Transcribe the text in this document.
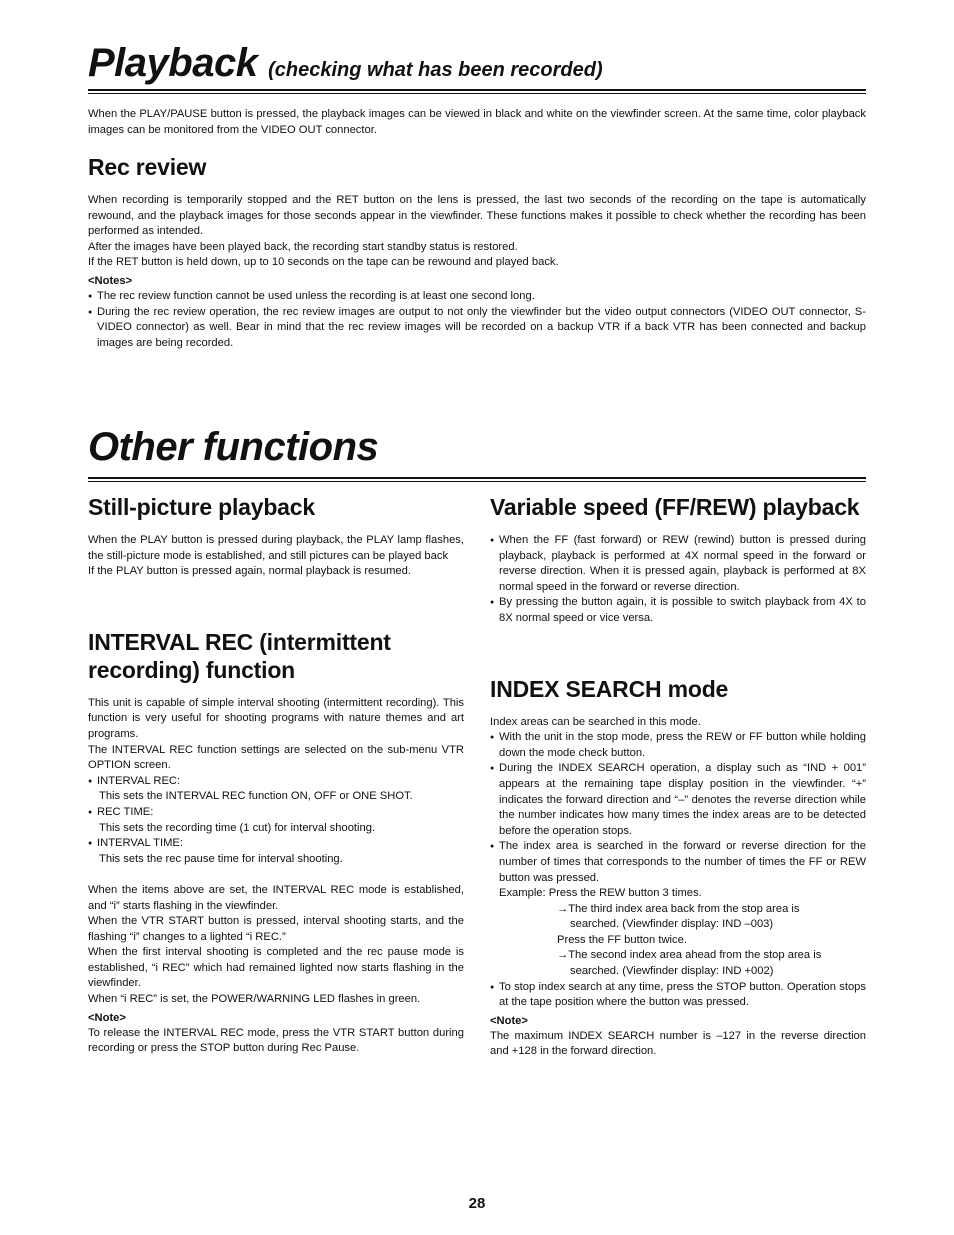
Playback (checking what has been recorded)

When the PLAY/PAUSE button is pressed, the playback images can be viewed in black and white on the viewfinder screen. At the same time, color playback images can be monitored from the VIDEO OUT connector.

Rec review

When recording is temporarily stopped and the RET button on the lens is pressed, the last two seconds of the recording on the tape is automatically rewound, and the playback images for those seconds appear in the viewfinder. These functions makes it possible to check whether the recording has been performed as intended.

After the images have been played back, the recording start standby status is restored.

If the RET button is held down, up to 10 seconds on the tape can be rewound and played back.

<Notes>

● The rec review function cannot be used unless the recording is at least one second long.
● During the rec review operation, the rec review images are output to not only the viewfinder but the video output connectors (VIDEO OUT connector, S-VIDEO connector) as well. Bear in mind that the rec review images will be recorded on a backup VTR if a back VTR has been connected and backup images are being recorded.
Other functions
Still-picture playback

When the PLAY button is pressed during playback, the PLAY lamp flashes, the still-picture mode is established, and still pictures can be played back

If the PLAY button is pressed again, normal playback is resumed.

INTERVAL REC (intermittent
recording) function

This unit is capable of simple interval shooting (intermittent recording). This function is very useful for shooting programs with nature themes and art programs.

The INTERVAL REC function settings are selected on the sub-menu VTR OPTION screen.

● INTERVAL REC:
This sets the INTERVAL REC function ON, OFF or ONE SHOT.
● REC TIME:
This sets the recording time (1 cut) for interval shooting.
● INTERVAL TIME:
This sets the rec pause time for interval shooting.

When the items above are set, the INTERVAL REC mode is established, and “i” starts flashing in the viewfinder.

When the VTR START button is pressed, interval shooting starts, and the flashing “i” changes to a lighted “i REC.”

When the first interval shooting is completed and the rec pause mode is established, “i REC” which had remained lighted now starts flashing in the viewfinder.

When “i REC” is set, the POWER/WARNING LED flashes in green.

<Note>

To release the INTERVAL REC mode, press the VTR START button during recording or press the STOP button during Rec Pause.

Variable speed (FF/REW) playback
● When the FF (fast forward) or REW (rewind) button is pressed during playback, playback is performed at 4X normal speed in the forward or reverse direction. When it is pressed again, playback is performed at 8X normal speed in the forward or reverse direction.
● By pressing the button again, it is possible to switch playback from 4X to 8X normal speed or vice versa.
INDEX SEARCH mode

Index areas can be searched in this mode.

● With the unit in the stop mode, press the REW or FF button while holding down the mode check button.
● During the INDEX SEARCH operation, a display such as “IND + 001” appears at the remaining tape display position in the viewfinder. “+” indicates the forward direction and “–” denotes the reverse direction while the number indicates how many times the index areas are to be detected before the operation stops.
● The index area is searched in the forward or reverse direction for the number of times that corresponds to the number of times the FF or REW button was pressed.
Example: Press the REW button 3 times.
→The third index area back from the stop area is
searched. (Viewfinder display: IND –003)
Press the FF button twice.
→The second index area ahead from the stop area is
searched. (Viewfinder display: IND +002)
● To stop index search at any time, press the STOP button. Operation stops at the tape position where the button was pressed.

<Note>

The maximum INDEX SEARCH number is –127 in the reverse direction and +128 in the forward direction.

28
